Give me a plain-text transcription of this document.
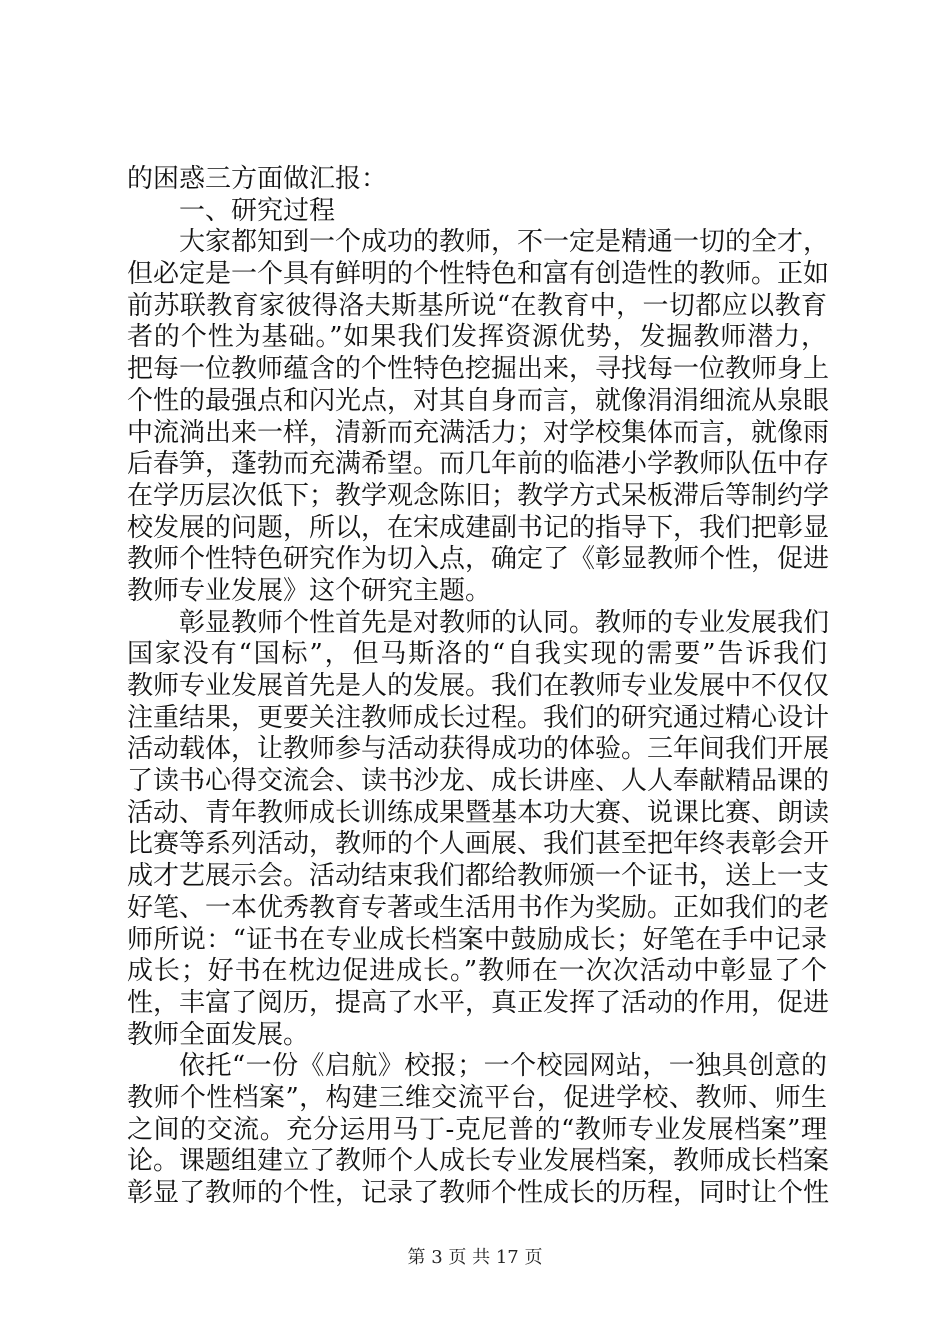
的困惑三方面做汇报：
一、研究过程
大家都知到一个成功的教师，不一定是精通一切的全才，
但必定是一个具有鲜明的个性特色和富有创造性的教师。正如
前苏联教育家彼得洛夫斯基所说“在教育中，一切都应以教育
者的个性为基础。”如果我们发挥资源优势，发掘教师潜力，
把每一位教师蕴含的个性特色挖掘出来，寻找每一位教师身上
个性的最强点和闪光点，对其自身而言，就像涓涓细流从泉眼
中流淌出来一样，清新而充满活力；对学校集体而言，就像雨
后春笋，蓬勃而充满希望。而几年前的临港小学教师队伍中存
在学历层次低下；教学观念陈旧；教学方式呆板滞后等制约学
校发展的问题，所以，在宋成建副书记的指导下，我们把彰显
教师个性特色研究作为切入点，确定了《彰显教师个性，促进
教师专业发展》这个研究主题。
彰显教师个性首先是对教师的认同。教师的专业发展我们
国家没有“国标”，但马斯洛的“自我实现的需要”告诉我们
教师专业发展首先是人的发展。我们在教师专业发展中不仅仅
注重结果，更要关注教师成长过程。我们的研究通过精心设计
活动载体，让教师参与活动获得成功的体验。三年间我们开展
了读书心得交流会、读书沙龙、成长讲座、人人奉献精品课的
活动、青年教师成长训练成果暨基本功大赛、说课比赛、朗读
比赛等系列活动，教师的个人画展、我们甚至把年终表彰会开
成才艺展示会。活动结束我们都给教师颁一个证书，送上一支
好笔、一本优秀教育专著或生活用书作为奖励。正如我们的老
师所说：“证书在专业成长档案中鼓励成长；好笔在手中记录
成长；好书在枕边促进成长。”教师在一次次活动中彰显了个
性，丰富了阅历，提高了水平，真正发挥了活动的作用，促进
教师全面发展。
依托“一份《启航》校报；一个校园网站，一独具创意的
教师个性档案”，构建三维交流平台，促进学校、教师、师生
之间的交流。充分运用马丁-克尼普的“教师专业发展档案”理
论。课题组建立了教师个人成长专业发展档案，教师成长档案
彰显了教师的个性，记录了教师个性成长的历程，同时让个性
第 3 页 共 17 页
